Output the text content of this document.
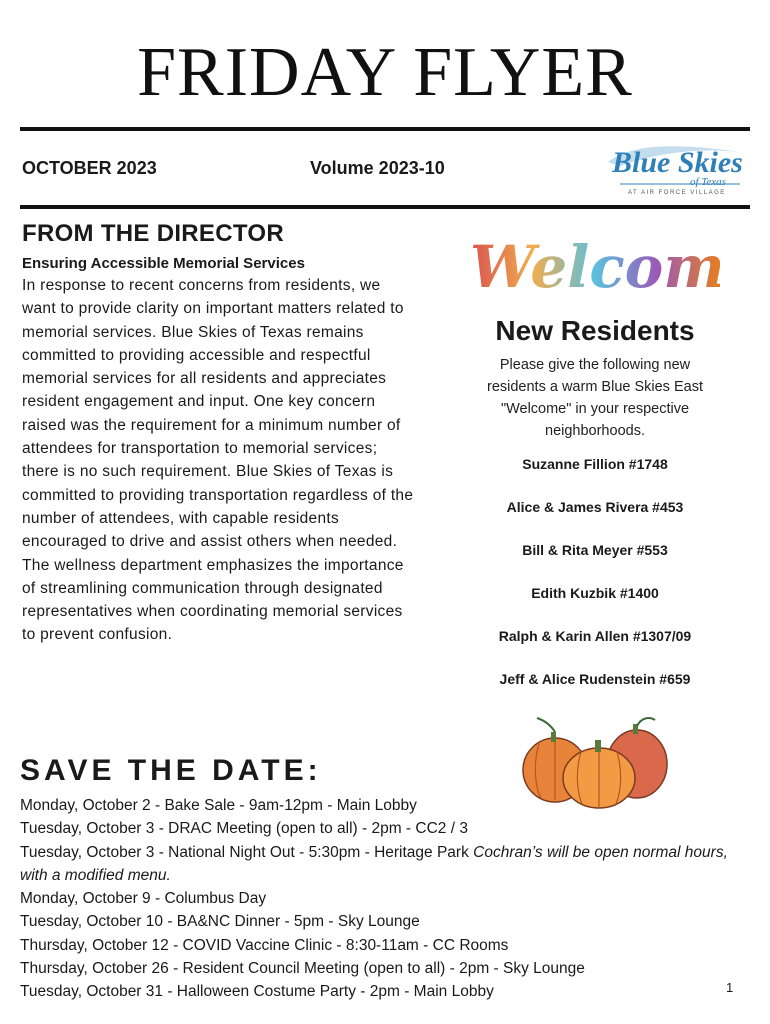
FRIDAY FLYER
OCTOBER 2023	Volume 2023-10	Blue Skies
of Texas
AT AIR FORCE VILLAGE
FROM THE DIRECTOR
Ensuring Accessible Memorial Services

In response to recent concerns from residents, we want to provide clarity on important matters related to memorial services. Blue Skies of Texas remains committed to providing accessible and respectful memorial services for all residents and appreciates resident engagement and input. One key concern raised was the requirement for a minimum number of attendees for transportation to memorial services; there is no such requirement. Blue Skies of Texas is committed to providing transportation regardless of the number of attendees, with capable residents encouraged to drive and assist others when needed.

The wellness department emphasizes the importance of streamlining communication through designated representatives when coordinating memorial services to prevent confusion.

Welcome
New Residents
Please give the following new residents a warm Blue Skies East "Welcome" in your respective neighborhoods.
Suzanne Fillion #1748
Alice & James Rivera #453
Bill & Rita Meyer #553
Edith Kuzbik #1400
Ralph & Karin Allen #1307/09
Jeff & Alice Rudenstein #659
SAVE THE DATE:
Monday, October 2 - Bake Sale - 9am-12pm - Main Lobby
Tuesday, October 3 - DRAC Meeting (open to all) - 2pm - CC2 / 3
Tuesday, October 3 - National Night Out - 5:30pm - Heritage Park Cochran’s will be open normal hours, with a modified menu.
Monday, October 9 - Columbus Day
Tuesday, October 10 - BA&NC Dinner - 5pm - Sky Lounge
Thursday, October 12 - COVID Vaccine Clinic - 8:30-11am - CC Rooms
Thursday, October 26 - Resident Council Meeting (open to all) - 2pm - Sky Lounge
Tuesday, October 31 - Halloween Costume Party - 2pm - Main Lobby	1
